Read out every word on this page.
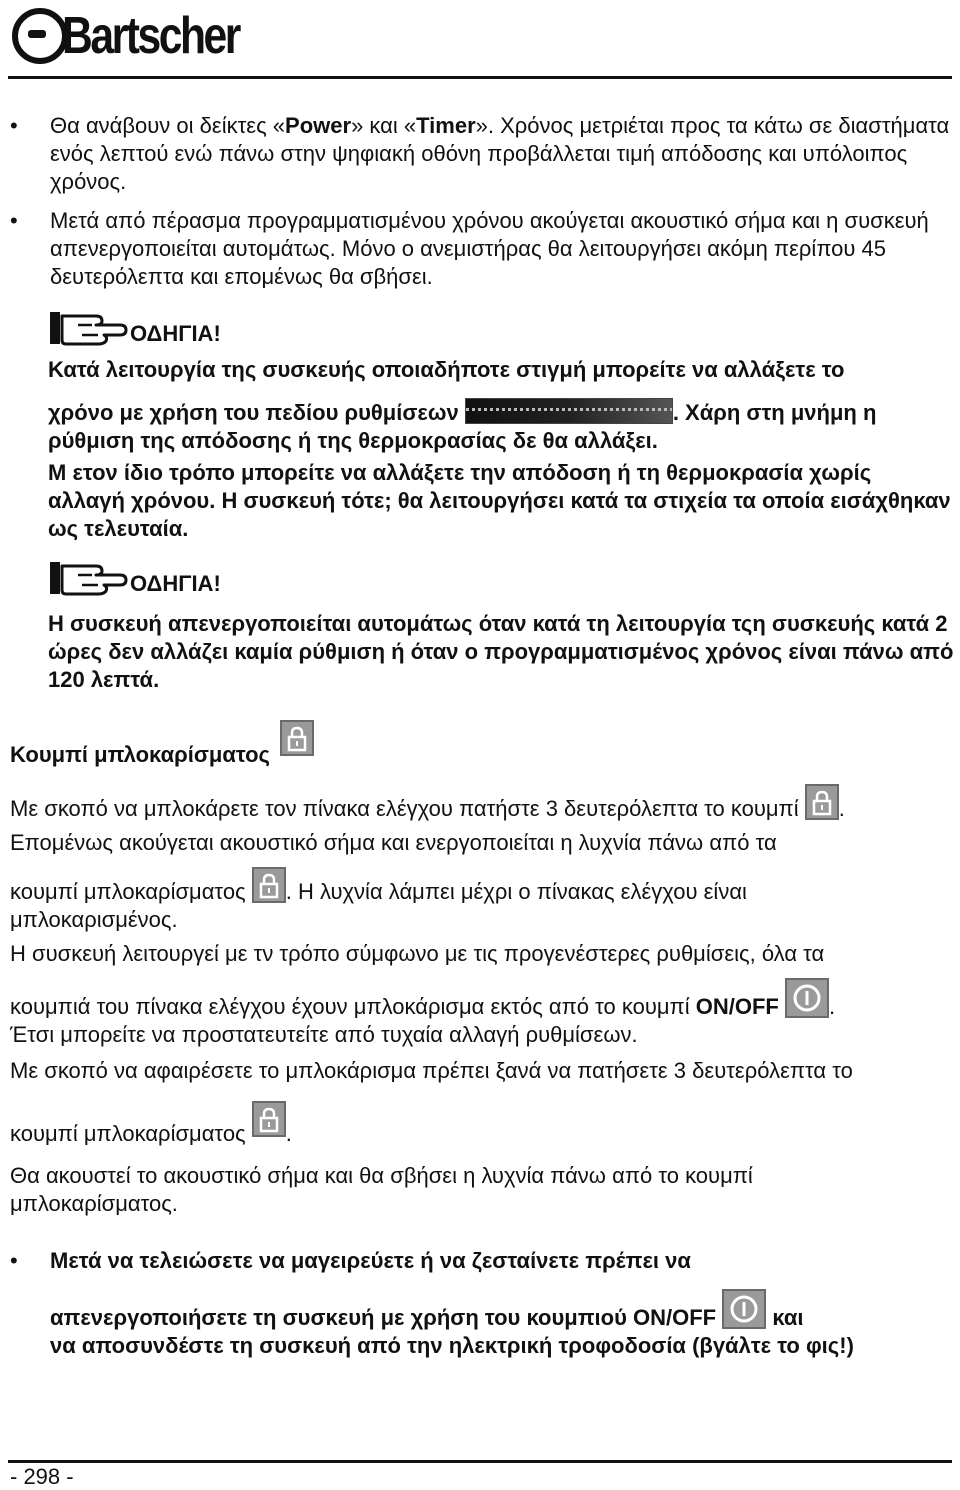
Bartscher
•	Θα ανάβουν οι δείκτες «Power» και «Timer». Χρόνος μετριέται προς τα κάτω σε διαστήματα ενός λεπτού ενώ πάνω στην ψηφιακή οθόνη προβάλλεται τιμή απόδοσης και υπόλοιπος χρόνος.
•	Μετά από πέρασμα προγραμματισμένου χρόνου ακούγεται ακουστικό σήμα και η συσκευή απενεργοποιείται αυτομάτως. Μόνο ο ανεμιστήρας θα λειτουργήσει ακόμη περίπου 45 δευτερόλεπτα και επομένως θα σβήσει.
ΟΔΗΓΙΑ!
Κατά λειτουργία της συσκευής οποιαδήποτε στιγμή μπορείτε να αλλάξετε το
χρόνο με χρήση του πεδίου ρυθμίσεων	. Χάρη στη μνήμη η
ρύθμιση της απόδοσης ή της θερμοκρασίας δε θα αλλάξει.
Μ ετον ίδιο τρόπο μπορείτε να αλλάξετε την απόδοση ή τη θερμοκρασία χωρίς αλλαγή χρόνου. Η συσκευή τότε; θα λειτουργήσει κατά τα στιχεία τα οποία εισάχθηκαν ως τελευταία.
ΟΔΗΓΙΑ!
Η συσκευή απενεργοποιείται αυτομάτως όταν κατά τη λειτουργία τςη συσκευής κατά 2 ώρες δεν αλλάζει καμία ρύθμιση ή όταν ο προγραμματισμένος χρόνος είναι πάνω από 120 λεπτά.
Κουμπί μπλοκαρίσματος
Με σκοπό να μπλοκάρετε τον πίνακα ελέγχου πατήστε 3 δευτερόλεπτα το κουμπί .
Επομένως ακούγεται ακουστικό σήμα και ενεργοποιείται η λυχνία πάνω από τα
κουμπί μπλοκαρίσματος . Η λυχνία λάμπει μέχρι ο πίνακας ελέγχου είναι
μπλοκαρισμένος.
Η συσκευή λειτουργεί με τν τρόπο σύμφωνο με τις προγενέστερες ρυθμίσεις, όλα τα
κουμπιά του πίνακα ελέγχου έχουν μπλοκάρισμα εκτός από το κουμπί ON/OFF .
Έτσι μπορείτε να προστατευτείτε από τυχαία αλλαγή ρυθμίσεων.
Με σκοπό να αφαιρέσετε το μπλοκάρισμα πρέπει ξανά να πατήσετε 3 δευτερόλεπτα το
κουμπί μπλοκαρίσματος .
Θα ακουστεί το ακουστικό σήμα και θα σβήσει η λυχνία πάνω από το κουμπί μπλοκαρίσματος.
•	Μετά να τελειώσετε να μαγειρεύετε ή να ζεσταίνετε πρέπει να
απενεργοποιήσετε τη συσκευή με χρήση του κουμπιού ON/OFF	και
να αποσυνδέστε τη συσκευή από την ηλεκτρική τροφοδοσία (βγάλτε το φις!)
- 298 -
